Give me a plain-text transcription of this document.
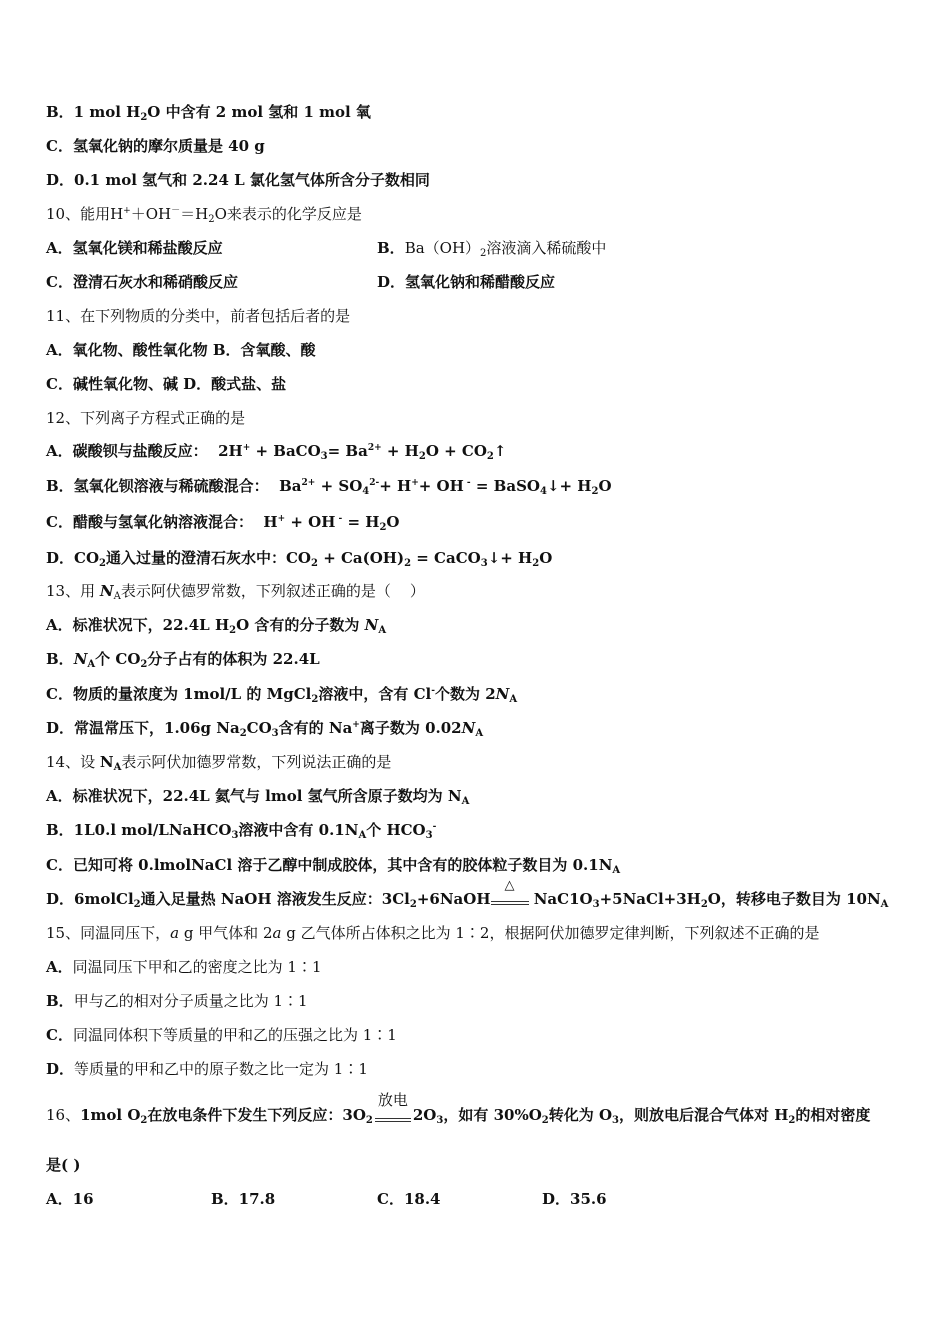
B．1 mol $H_2O$ 中含有 2 mol 氢和 1 mol 氧
C．氢氧化钠的摩尔质量是 40 g
D．0.1 mol 氢气和 2.24 L 氯化氢气体所含分子数相同
10、能用$H^++OH^-=H_2O$来表示的化学反应是
A．氢氧化镁和稀盐酸反应	B．$Ba(OH)_2$溶液滴入稀硫酸中
C．澄清石灰水和稀硝酸反应	D．氢氧化钠和稀醋酸反应
11、在下列物质的分类中，前者包括后者的是
A．氧化物、酸性氧化物 B．含氧酸、酸
C．碱性氧化物、碱 D．酸式盐、盐
12、下列离子方程式正确的是
A．碳酸钡与盐酸反应：  2H+ + BaCO$_3$= $Ba^{2+} + H_2O$ + $CO_2↑$
B．氢氧化钡溶液与稀硫酸混合：  $Ba^{2+} + SO_4^{2-}+ H^++$ OH - = BaSO$_4$↓+ $H_2O$
C．醋酸与氢氧化钠溶液混合：  H+ + OH $^- = H_2O$
D．$CO_2$通入过量的澄清石灰水中：$CO_2 + Ca(OH)_2$ = CaCO$_3$↓+ $H_2O$
13、用 $N_A$表示阿伏德罗常数，下列叙述正确的是（    ）
A．标准状况下，22.4L $H_2O$ 含有的分子数为 $N_A$
B．$N_A$个 $CO_2$分子占有的体积为 22.4L
C．物质的量浓度为 1mol/L 的 MgCl$_2$溶液中，含有 Cl-个数为 $2N_A$
D．常温常压下，1.06g $Na_2CO_3$含有的 Na+离子数为 $0.02N_A$
14、设 $N_A$表示阿伏加德罗常数，下列说法正确的是
A．标准状况下，22.4L 氦气与 lmol 氢气所含原子数均为 $N_A$
B．1L0.l mol/LNaHCO$_3$溶液中含有 $0.1N_A$个 $HCO_3^-$
C．已知可将 0.lmolNaCl 溶于乙醇中制成胶体，其中含有的胶体粒子数目为 $0.1N_A$
D．6molCl$_2$通入足量热 NaOH 溶液发生反应：$3Cl_2+6NaOH$
△
$NaC1O_3+5NaCl+3H_2O$，转移电子数目为 $10N_A$
15、同温同压下，a g 甲气体和 2a g 乙气体所占体积之比为 1∶2，根据阿伏加德罗定律判断，下列叙述不正确的是
A．同温同压下甲和乙的密度之比为 1∶1
B．甲与乙的相对分子质量之比为 1∶1
C．同温同体积下等质量的甲和乙的压强之比为 1∶1
D．等质量的甲和乙中的原子数之比一定为 1∶1
16、1mol $O_2$在放电条件下发生下列反应：$3O_2$
放电
$2O_3$，如有 $30\%O_2$转化为 $O_3$，则放电后混合气体对 $H_2$的相对密度
是( )
A．16	B．17.8	C．18.4	D．35.6
